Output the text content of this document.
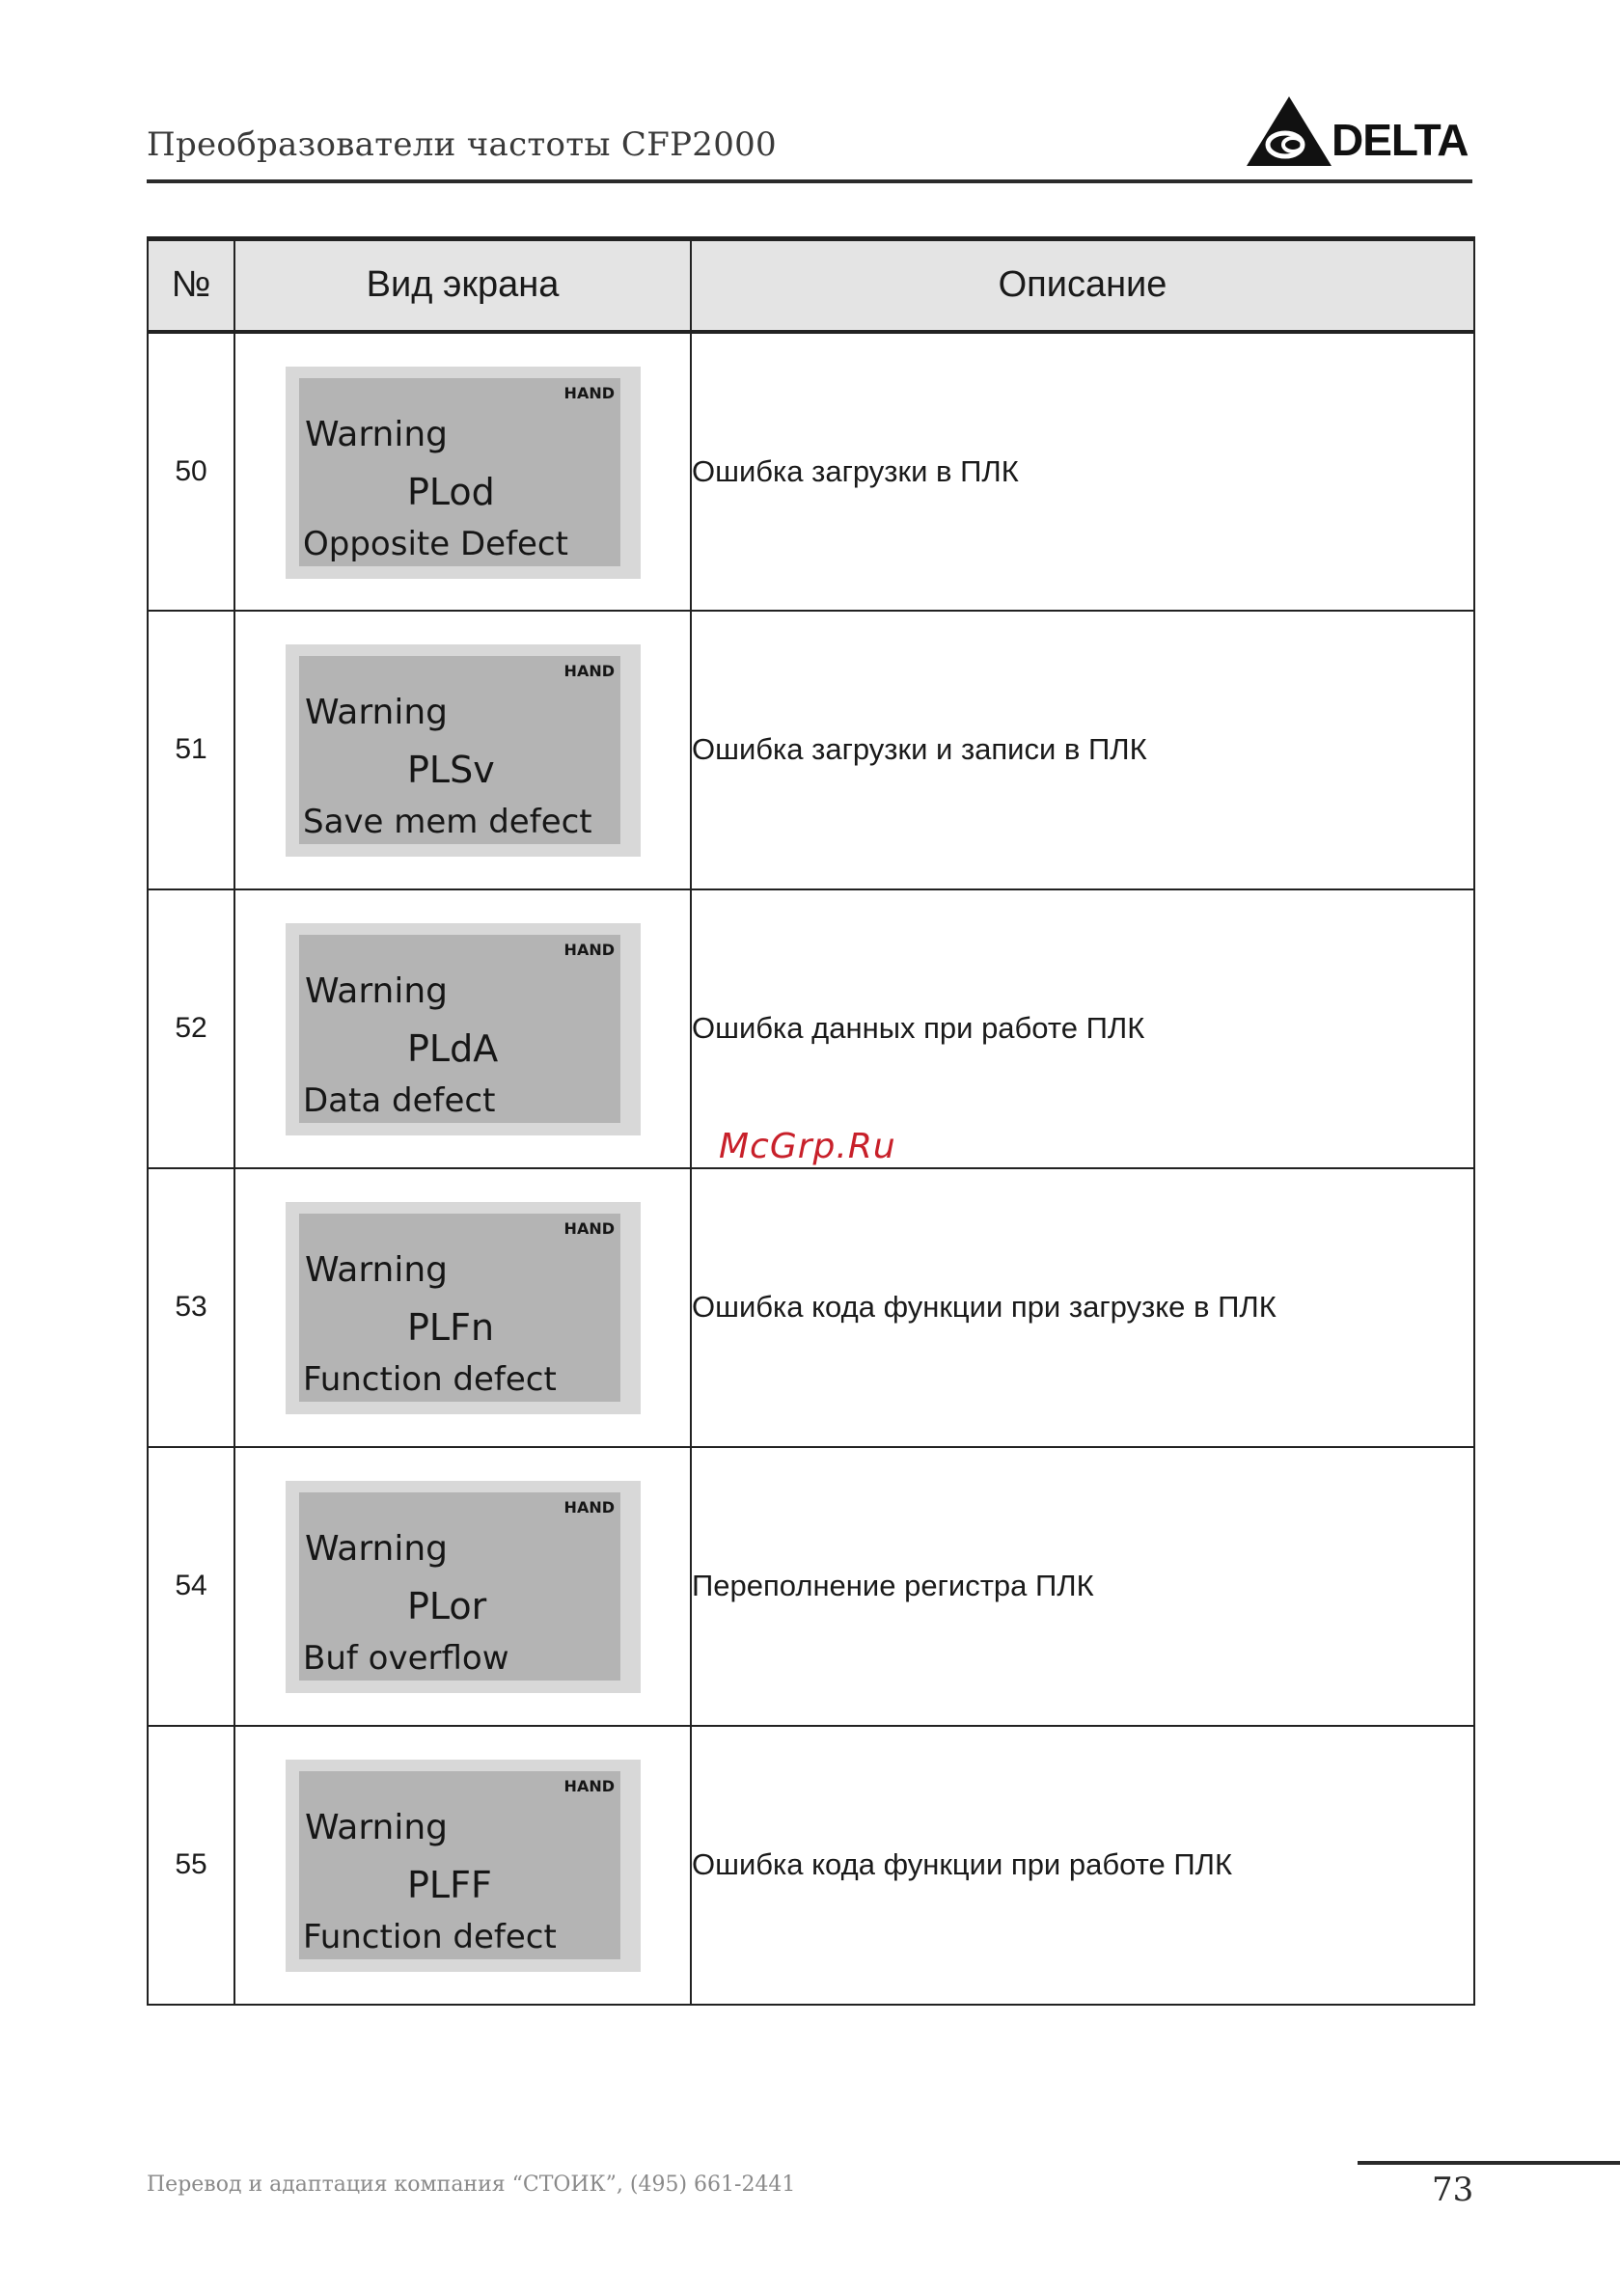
Преобразователи частоты CFP2000	DELTA
№	Вид экрана	Описание
50	HAND
Warning
PLod
Opposite Defect	Ошибка загрузки в ПЛК
51	HAND
Warning
PLSv
Save mem defect	Ошибка загрузки и записи в ПЛК
52	HAND
Warning
PLdA
Data defect	Ошибка данных при работе ПЛК
53	HAND
Warning
PLFn
Function defect	Ошибка кода функции при загрузке в ПЛК
54	HAND
Warning
PLor
Buf overflow	Переполнение регистра ПЛК
55	HAND
Warning
PLFF
Function defect	Ошибка кода функции при работе ПЛК
McGrp.Ru
Перевод и адаптация компания “СТОИК”, (495) 661-2441	73
